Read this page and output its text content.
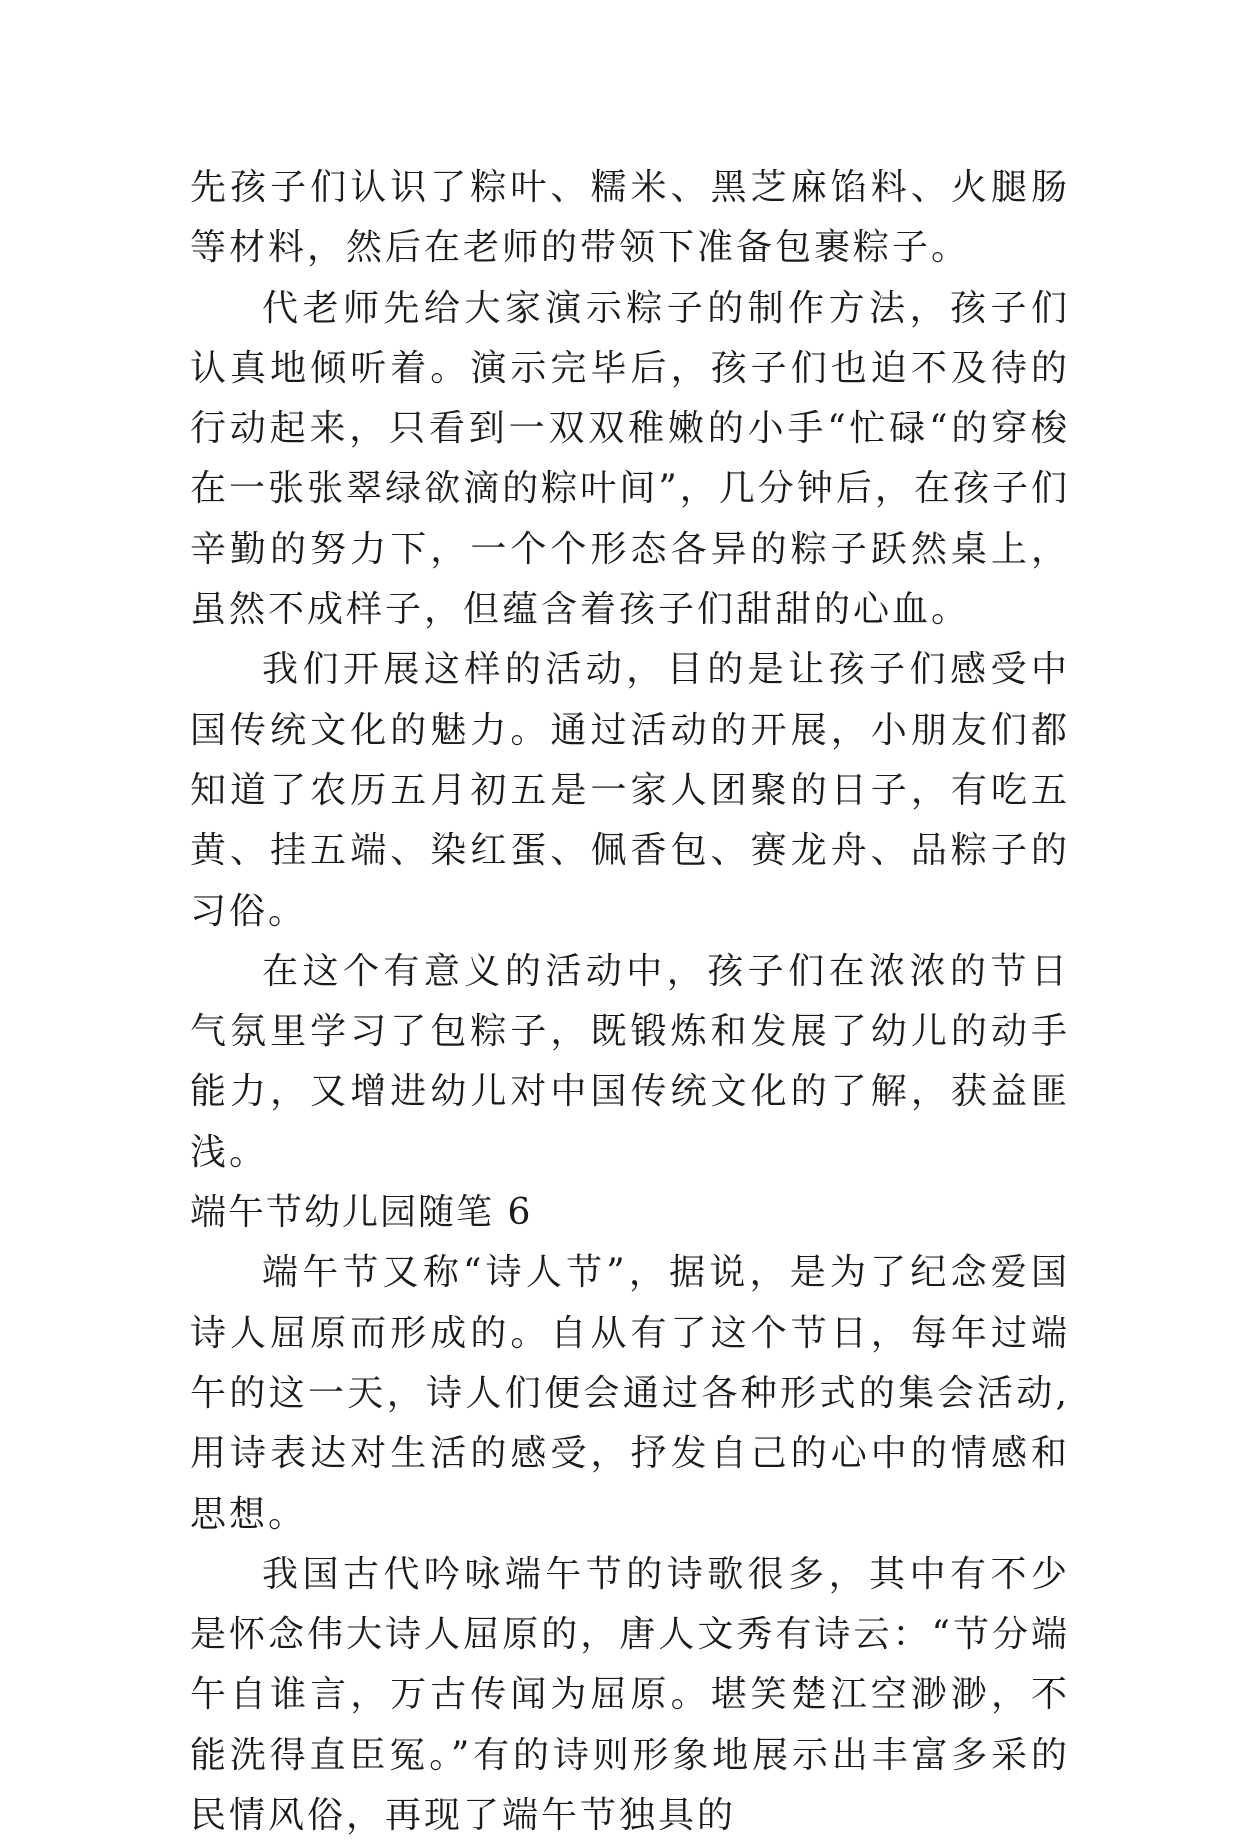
先孩子们认识了粽叶、糯米、黑芝麻馅料、火腿肠等材料，然后在老师的带领下准备包裹粽子。

代老师先给大家演示粽子的制作方法，孩子们认真地倾听着。演示完毕后，孩子们也迫不及待的行动起来，只看到一双双稚嫩的小手“忙碌“的穿梭在一张张翠绿欲滴的粽叶间”，几分钟后，在孩子们辛勤的努力下，一个个形态各异的粽子跃然桌上，虽然不成样子，但蕴含着孩子们甜甜的心血。

我们开展这样的活动，目的是让孩子们感受中国传统文化的魅力。通过活动的开展，小朋友们都知道了农历五月初五是一家人团聚的日子，有吃五黄、挂五端、染红蛋、佩香包、赛龙舟、品粽子的习俗。

在这个有意义的活动中，孩子们在浓浓的节日气氛里学习了包粽子，既锻炼和发展了幼儿的动手能力，又增进幼儿对中国传统文化的了解，获益匪浅。

端午节幼儿园随笔 6

端午节又称“诗人节”，据说，是为了纪念爱国诗人屈原而形成的。自从有了这个节日，每年过端午的这一天，诗人们便会通过各种形式的集会活动,用诗表达对生活的感受，抒发自己的心中的情感和思想。

我国古代吟咏端午节的诗歌很多，其中有不少是怀念伟大诗人屈原的，唐人文秀有诗云：“节分端午自谁言，万古传闻为屈原。堪笑楚江空渺渺，不能洗得直臣冤。”有的诗则形象地展示出丰富多采的民情风俗，再现了端午节独具的
